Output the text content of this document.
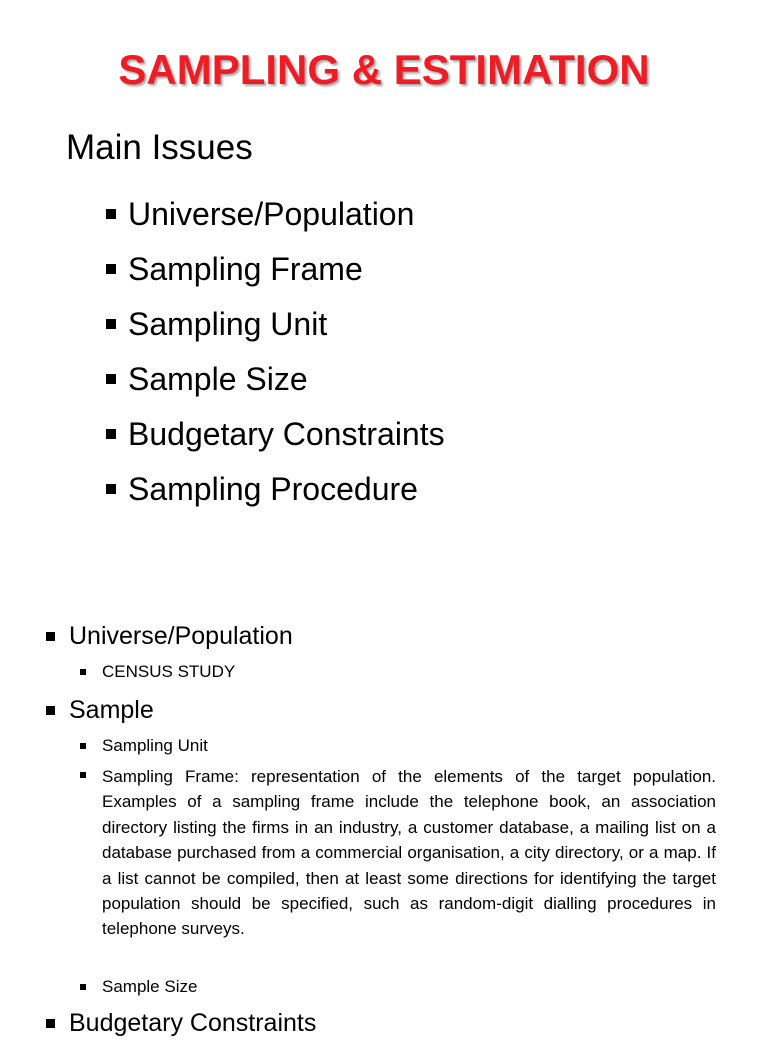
SAMPLING & ESTIMATION
Main Issues
Universe/Population
Sampling Frame
Sampling Unit
Sample Size
Budgetary Constraints
Sampling Procedure
Universe/Population
CENSUS STUDY
Sample
Sampling Unit

Sampling Frame: representation of the elements of the target population. Examples of a sampling frame include the telephone book, an association directory listing the firms in an industry, a customer database, a mailing list on a database purchased from a commercial organisation, a city directory, or a map. If a list cannot be compiled, then at least some directions for identifying the target population should be specified, such as random-digit dialling procedures in telephone surveys.

Sample Size
Budgetary Constraints
